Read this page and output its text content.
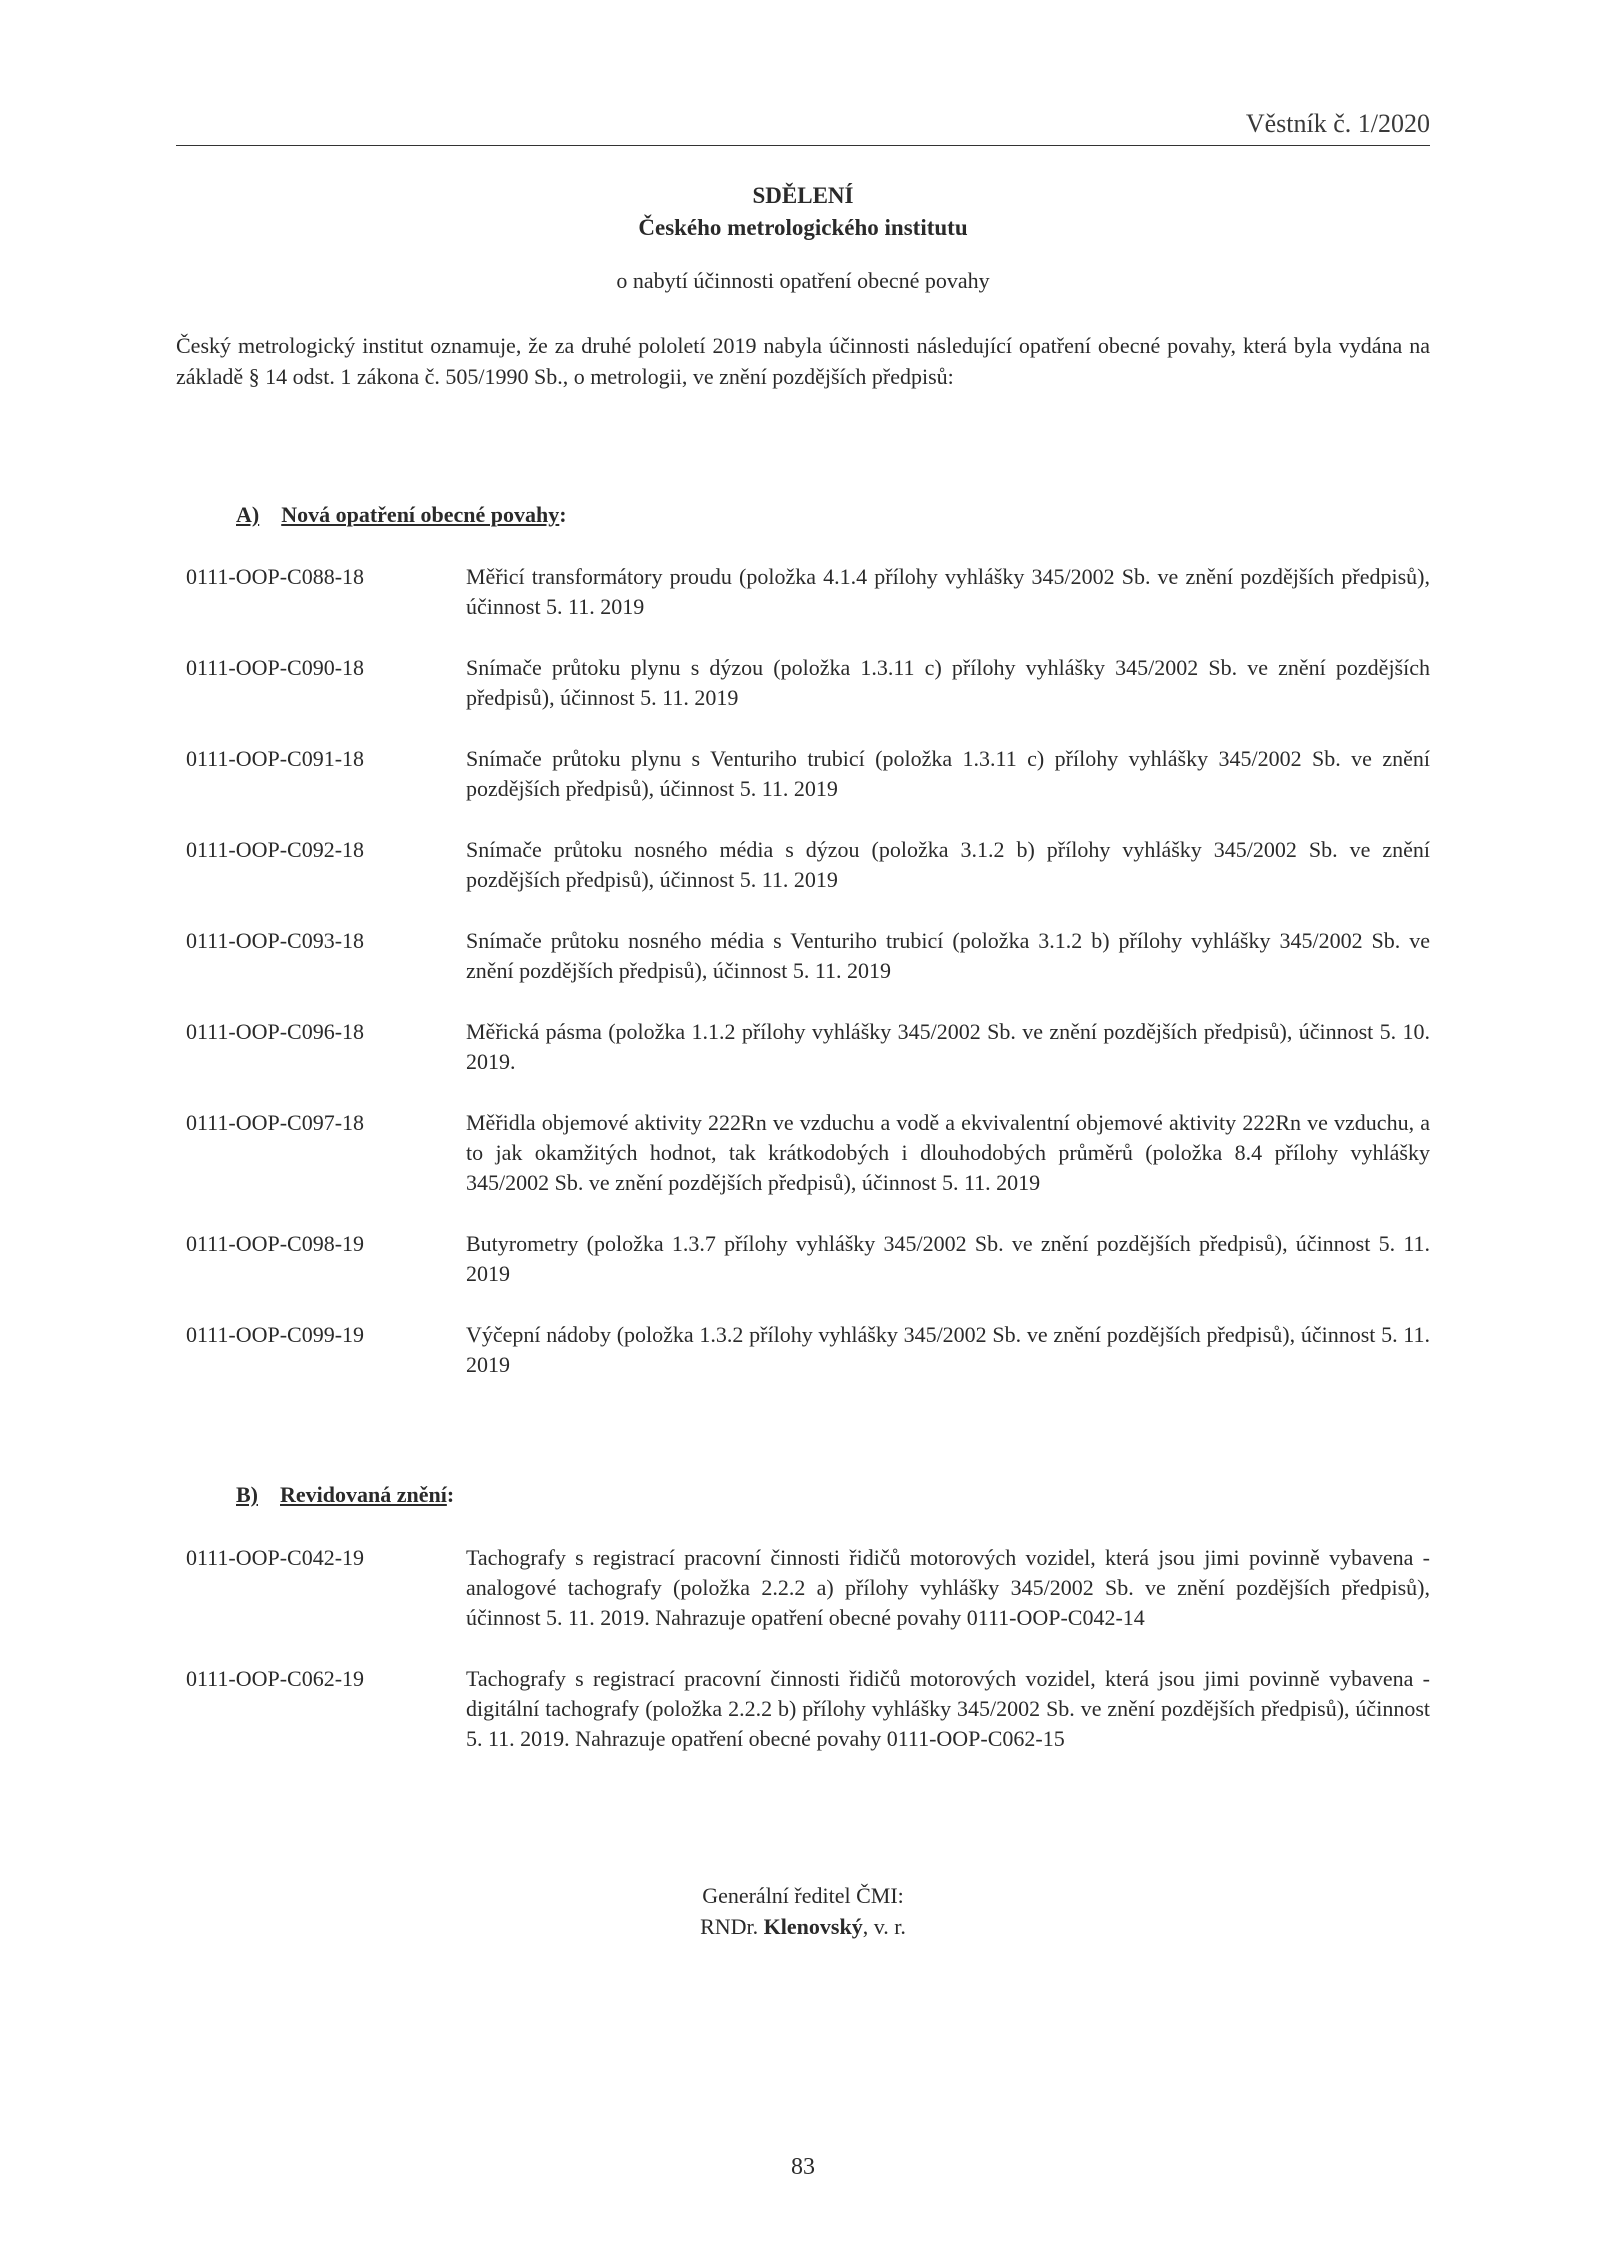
Věstník č. 1/2020
SDĚLENÍ
Českého metrologického institutu
o nabytí účinnosti opatření obecné povahy
Český metrologický institut oznamuje, že za druhé pololetí 2019 nabyla účinnosti následující opatření obecné povahy, která byla vydána na základě § 14 odst. 1 zákona č. 505/1990 Sb., o metrologii, ve znění pozdějších předpisů:
A) Nová opatření obecné povahy:
0111-OOP-C088-18	Měřicí transformátory proudu (položka 4.1.4 přílohy vyhlášky 345/2002 Sb. ve znění pozdějších předpisů), účinnost 5. 11. 2019
0111-OOP-C090-18	Snímače průtoku plynu s dýzou (položka 1.3.11 c) přílohy vyhlášky 345/2002 Sb. ve znění pozdějších předpisů), účinnost 5. 11. 2019
0111-OOP-C091-18	Snímače průtoku plynu s Venturiho trubicí (položka 1.3.11 c) přílohy vyhlášky 345/2002 Sb. ve znění pozdějších předpisů), účinnost 5. 11. 2019
0111-OOP-C092-18	Snímače průtoku nosného média s dýzou (položka 3.1.2 b) přílohy vyhlášky 345/2002 Sb. ve znění pozdějších předpisů), účinnost 5. 11. 2019
0111-OOP-C093-18	Snímače průtoku nosného média s Venturiho trubicí (položka 3.1.2 b) přílohy vyhlášky 345/2002 Sb. ve znění pozdějších předpisů), účinnost 5. 11. 2019
0111-OOP-C096-18	Měřická pásma (položka 1.1.2 přílohy vyhlášky 345/2002 Sb. ve znění pozdějších předpisů), účinnost 5. 10. 2019.
0111-OOP-C097-18	Měřidla objemové aktivity 222Rn ve vzduchu a vodě a ekvivalentní objemové aktivity 222Rn ve vzduchu, a to jak okamžitých hodnot, tak krátkodobých i dlouhodobých průměrů (položka 8.4 přílohy vyhlášky 345/2002 Sb. ve znění pozdějších předpisů), účinnost 5. 11. 2019
0111-OOP-C098-19	Butyrometry (položka 1.3.7 přílohy vyhlášky 345/2002 Sb. ve znění pozdějších předpisů), účinnost 5. 11. 2019
0111-OOP-C099-19	Výčepní nádoby (položka 1.3.2 přílohy vyhlášky 345/2002 Sb. ve znění pozdějších předpisů), účinnost 5. 11. 2019
B) Revidovaná znění:
0111-OOP-C042-19	Tachografy s registrací pracovní činnosti řidičů motorových vozidel, která jsou jimi povinně vybavena - analogové tachografy (položka 2.2.2 a) přílohy vyhlášky 345/2002 Sb. ve znění pozdějších předpisů), účinnost 5. 11. 2019. Nahrazuje opatření obecné povahy 0111-OOP-C042-14
0111-OOP-C062-19	Tachografy s registrací pracovní činnosti řidičů motorových vozidel, která jsou jimi povinně vybavena - digitální tachografy (položka 2.2.2 b) přílohy vyhlášky 345/2002 Sb. ve znění pozdějších předpisů), účinnost 5. 11. 2019. Nahrazuje opatření obecné povahy 0111-OOP-C062-15
Generální ředitel ČMI:
RNDr. Klenovský, v. r.
83
